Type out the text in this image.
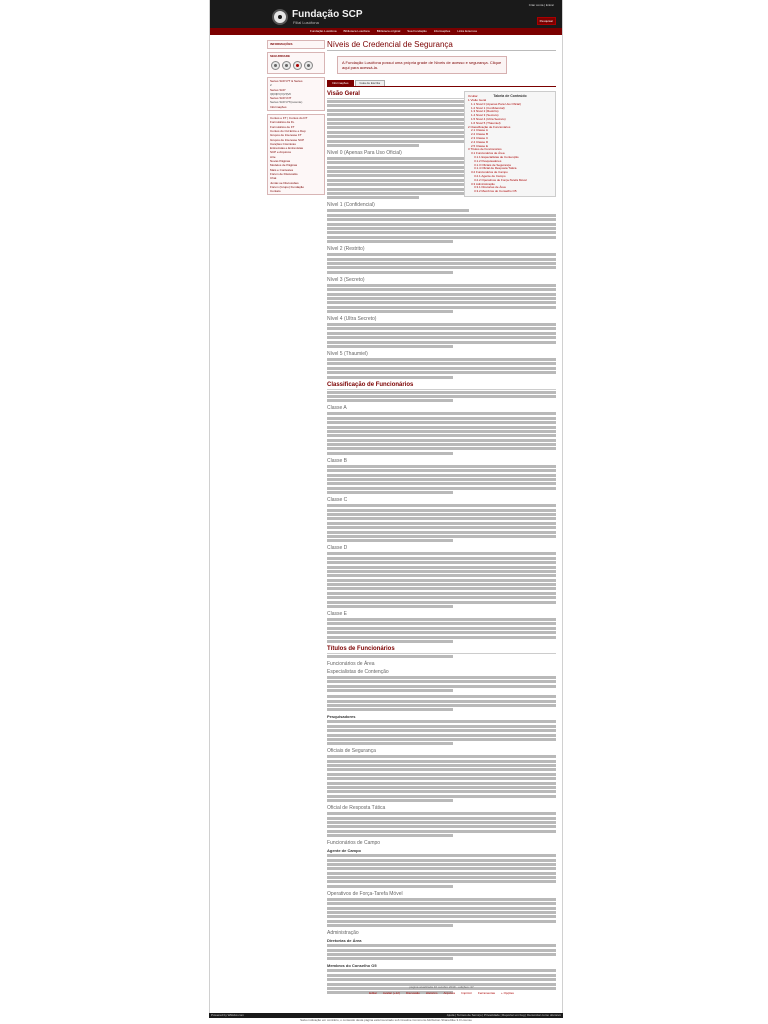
Fundação SCP
Filial Lusófona
Criar conta | Entrar
Pesquisar
Fundação Lusófona Biblioteca Lusófona Biblioteca original Sua Fundação Informações Links Externos
INFORMAÇÕES
SEGURIDADE
Series SCP-PT & Series
2
Series SCP
I|II|III|IV|V|VI|VII
Series SCP-INT
Series SCP-PT(recente)
Informações
Contos e FT | Contos do DT
Formulários da FL
Formulários de FT
Contos do CH Entre e Dep
Grupos de Interesse FT
Grupos de Interesse SCP
Canções Cósmicas
Entrevistas e Entrevistas
SCP e Arquivos
Arte
Novas Páginas
Modelos de Páginas
Mais e Contestes
Fórum de Discussão
Chat
Juntar-se Discussões
Fórum (Grupo) Fundação
Contato
Níveis de Credencial de Segurança
A Fundação Lusófona possui uma própria grade de Níveis de acesso e segurança. Clique aqui para acessá-la.
Informações	Guia de Escrita
Ocultar	Tabela de Conteúdo
1 Visão Geral
1.1 Nível 0 (Apenas Para Uso Oficial)
1.2 Nível 1 (Confidencial)
1.3 Nível 2 (Restrito)
1.4 Nível 3 (Secreto)
1.5 Nível 4 (Ultra Secreto)
1.6 Nível 5 (Thaumiel)
2 Classificação de Funcionários
2.1 Classe A
2.2 Classe B
2.3 Classe C
2.4 Classe D
2.5 Classe E
3 Títulos de Funcionários
3.1 Funcionários de Área
3.1.1 Especialistas de Contenção
3.1.2 Pesquisadores
3.1.3 Oficiais de Segurança
3.1.4 Oficial de Resposta Tática
3.2 Funcionários de Campo
3.2.1 Agente de Campo
3.2.2 Operativos de Força-Tarefa Móvel
3.3 Administração
3.3.1 Diretorias de Área
3.3.2 Membros do Conselho O5
Visão Geral
Nível 0 (Apenas Para Uso Oficial)
Nível 1 (Confidencial)
Nível 2 (Restrito)
Nível 3 (Secreto)
Nível 4 (Ultra Secreto)
Nível 5 (Thaumiel)
Classificação de Funcionários
Classe A
Classe B
Classe C
Classe D
Classe E
Títulos de Funcionários
Funcionários de Área
Especialistas de Contenção
Pesquisadores
Oficiais de Segurança
Oficial de Resposta Tática
Funcionários de Campo
Agente de Campo
Operativos de Força-Tarefa Móvel
Administração
Diretorias de Área
Membros do Conselho O5
página atualizada 10 outubro 2019 - edições: 37
Editar Avaliar (+12) Discussão Histórico Arquivos Imprimir Ferramentas + Opções
Powered by Wikidot.com	Ajuda | Termos de Serviço | Privacidade | Reportar um bug | Denunciar como ofensivo
Salvo indicação em contrário, o conteúdo desta página está licenciado sob Creative Commons Attribution-ShareAlike 3.0 License
